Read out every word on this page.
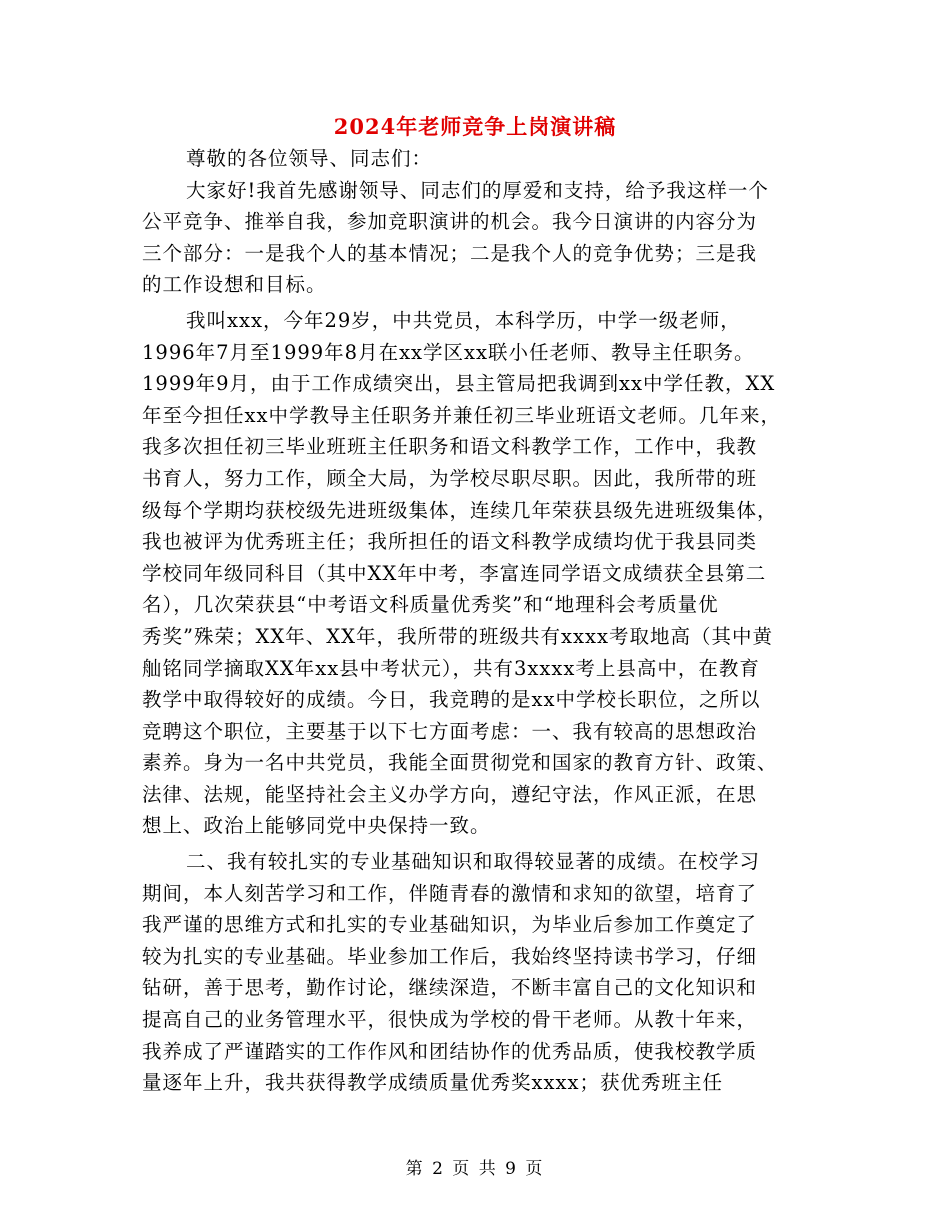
2024年老师竞争上岗演讲稿
尊敬的各位领导、同志们：
大家好!我首先感谢领导、同志们的厚爱和支持，给予我这样一个
公平竞争、推举自我，参加竞职演讲的机会。我今日演讲的内容分为
三个部分：一是我个人的基本情况；二是我个人的竞争优势；三是我
的工作设想和目标。
我叫xxx，今年29岁，中共党员，本科学历，中学一级老师，
1996年7月至1999年8月在xx学区xx联小任老师、教导主任职务。
1999年9月，由于工作成绩突出，县主管局把我调到xx中学任教，XX
年至今担任xx中学教导主任职务并兼任初三毕业班语文老师。几年来，
我多次担任初三毕业班班主任职务和语文科教学工作，工作中，我教
书育人，努力工作，顾全大局，为学校尽职尽职。因此，我所带的班
级每个学期均获校级先进班级集体，连续几年荣获县级先进班级集体，
我也被评为优秀班主任；我所担任的语文科教学成绩均优于我县同类
学校同年级同科目（其中XX年中考，李富连同学语文成绩获全县第二
名），几次荣获县“中考语文科质量优秀奖”和“地理科会考质量优
秀奖”殊荣；XX年、XX年，我所带的班级共有xxxx考取地高（其中黄
舢铭同学摘取XX年xx县中考状元），共有3xxxx考上县高中，在教育
教学中取得较好的成绩。今日，我竞聘的是xx中学校长职位，之所以
竞聘这个职位，主要基于以下七方面考虑：一、我有较高的思想政治
素养。身为一名中共党员，我能全面贯彻党和国家的教育方针、政策、
法律、法规，能坚持社会主义办学方向，遵纪守法，作风正派，在思
想上、政治上能够同党中央保持一致。
二、我有较扎实的专业基础知识和取得较显著的成绩。在校学习
期间，本人刻苦学习和工作，伴随青春的激情和求知的欲望，培育了
我严谨的思维方式和扎实的专业基础知识，为毕业后参加工作奠定了
较为扎实的专业基础。毕业参加工作后，我始终坚持读书学习，仔细
钻研，善于思考，勤作讨论，继续深造，不断丰富自己的文化知识和
提高自己的业务管理水平，很快成为学校的骨干老师。从教十年来，
我养成了严谨踏实的工作作风和团结协作的优秀品质，使我校教学质
量逐年上升，我共获得教学成绩质量优秀奖xxxx；获优秀班主任
第 2 页 共 9 页
